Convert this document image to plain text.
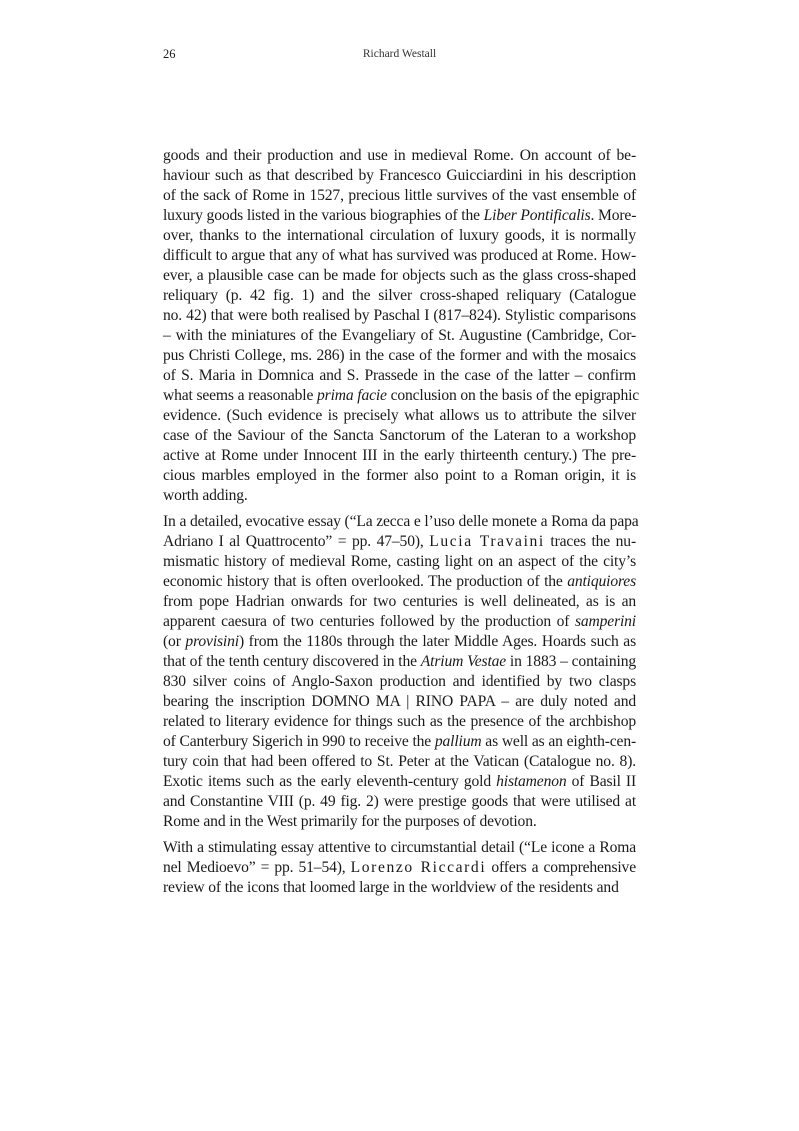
26	Richard Westall

goods and their production and use in medieval Rome. On account of be-
haviour such as that described by Francesco Guicciardini in his description
of the sack of Rome in 1527, precious little survives of the vast ensemble of
luxury goods listed in the various biographies of the Liber Pontificalis. More-
over, thanks to the international circulation of luxury goods, it is normally
difficult to argue that any of what has survived was produced at Rome. How-
ever, a plausible case can be made for objects such as the glass cross-shaped
reliquary (p. 42 fig. 1) and the silver cross-shaped reliquary (Catalogue
no. 42) that were both realised by Paschal I (817–824). Stylistic comparisons
– with the miniatures of the Evangeliary of St. Augustine (Cambridge, Cor-
pus Christi College, ms. 286) in the case of the former and with the mosaics
of S. Maria in Domnica and S. Prassede in the case of the latter – confirm
what seems a reasonable prima facie conclusion on the basis of the epigraphic
evidence. (Such evidence is precisely what allows us to attribute the silver
case of the Saviour of the Sancta Sanctorum of the Lateran to a workshop
active at Rome under Innocent III in the early thirteenth century.) The pre-
cious marbles employed in the former also point to a Roman origin, it is
worth adding.

In a detailed, evocative essay (“La zecca e l’uso delle monete a Roma da papa
Adriano I al Quattrocento” = pp. 47–50), Lucia Travaini traces the nu-
mismatic history of medieval Rome, casting light on an aspect of the city’s
economic history that is often overlooked. The production of the antiquiores
from pope Hadrian onwards for two centuries is well delineated, as is an
apparent caesura of two centuries followed by the production of samperini
(or provisini) from the 1180s through the later Middle Ages. Hoards such as
that of the tenth century discovered in the Atrium Vestae in 1883 – containing
830 silver coins of Anglo-Saxon production and identified by two clasps
bearing the inscription DOMNO MA | RINO PAPA – are duly noted and
related to literary evidence for things such as the presence of the archbishop
of Canterbury Sigerich in 990 to receive the pallium as well as an eighth-cen-
tury coin that had been offered to St. Peter at the Vatican (Catalogue no. 8).
Exotic items such as the early eleventh-century gold histamenon of Basil II
and Constantine VIII (p. 49 fig. 2) were prestige goods that were utilised at
Rome and in the West primarily for the purposes of devotion.

With a stimulating essay attentive to circumstantial detail (“Le icone a Roma
nel Medioevo” = pp. 51–54), Lorenzo Riccardi offers a comprehensive
review of the icons that loomed large in the worldview of the residents and
